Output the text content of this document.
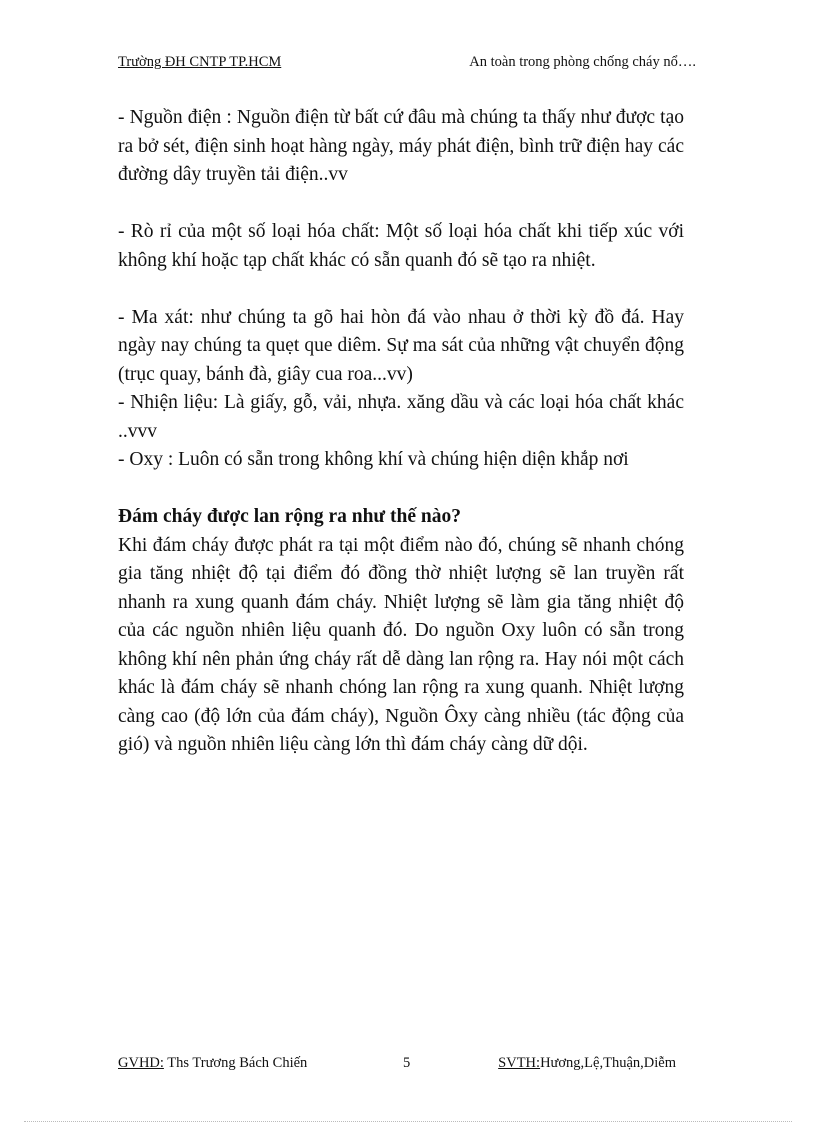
Trường ĐH CNTP TP.HCM	An toàn trong phòng chống cháy nổ….

- Nguồn điện : Nguồn điện từ bất cứ đâu mà chúng ta thấy như được tạo ra bở sét, điện sinh hoạt hàng ngày, máy phát điện, bình trữ điện hay các đường dây truyền tải điện..vv

- Rò rỉ của một số loại hóa chất: Một số loại hóa chất khi tiếp xúc với không khí hoặc tạp chất khác có sẵn quanh đó sẽ tạo ra nhiệt.

- Ma xát: như chúng ta gõ hai hòn đá vào nhau ở thời kỳ đồ đá. Hay ngày nay chúng ta quẹt que diêm. Sự ma sát của những vật chuyển động (trục quay, bánh đà, giây cua roa...vv)

- Nhiện liệu: Là giấy, gỗ, vải, nhựa. xăng dầu và các loại hóa chất khác ..vvv

- Oxy : Luôn có sẵn trong không khí và chúng hiện diện khắp nơi

Đám cháy được lan rộng ra như thế nào?

Khi đám cháy được phát ra tại một điểm nào đó, chúng sẽ nhanh chóng gia tăng nhiệt độ tại điểm đó đồng thờ nhiệt lượng sẽ lan truyền rất nhanh ra xung quanh đám cháy. Nhiệt lượng sẽ làm gia tăng nhiệt độ của các nguồn nhiên liệu quanh đó. Do nguồn Oxy luôn có sẵn trong không khí nên phản ứng cháy rất dễ dàng lan rộng ra. Hay nói một cách khác là đám cháy sẽ nhanh chóng lan rộng ra xung quanh. Nhiệt lượng càng cao (độ lớn của đám cháy), Nguồn Ôxy càng nhiều (tác động của gió) và nguồn nhiên liệu càng lớn thì đám cháy càng dữ dội.

GVHD: Ths Trương Bách Chiến	5	SVTH:Hương,Lệ,Thuận,Diễm
